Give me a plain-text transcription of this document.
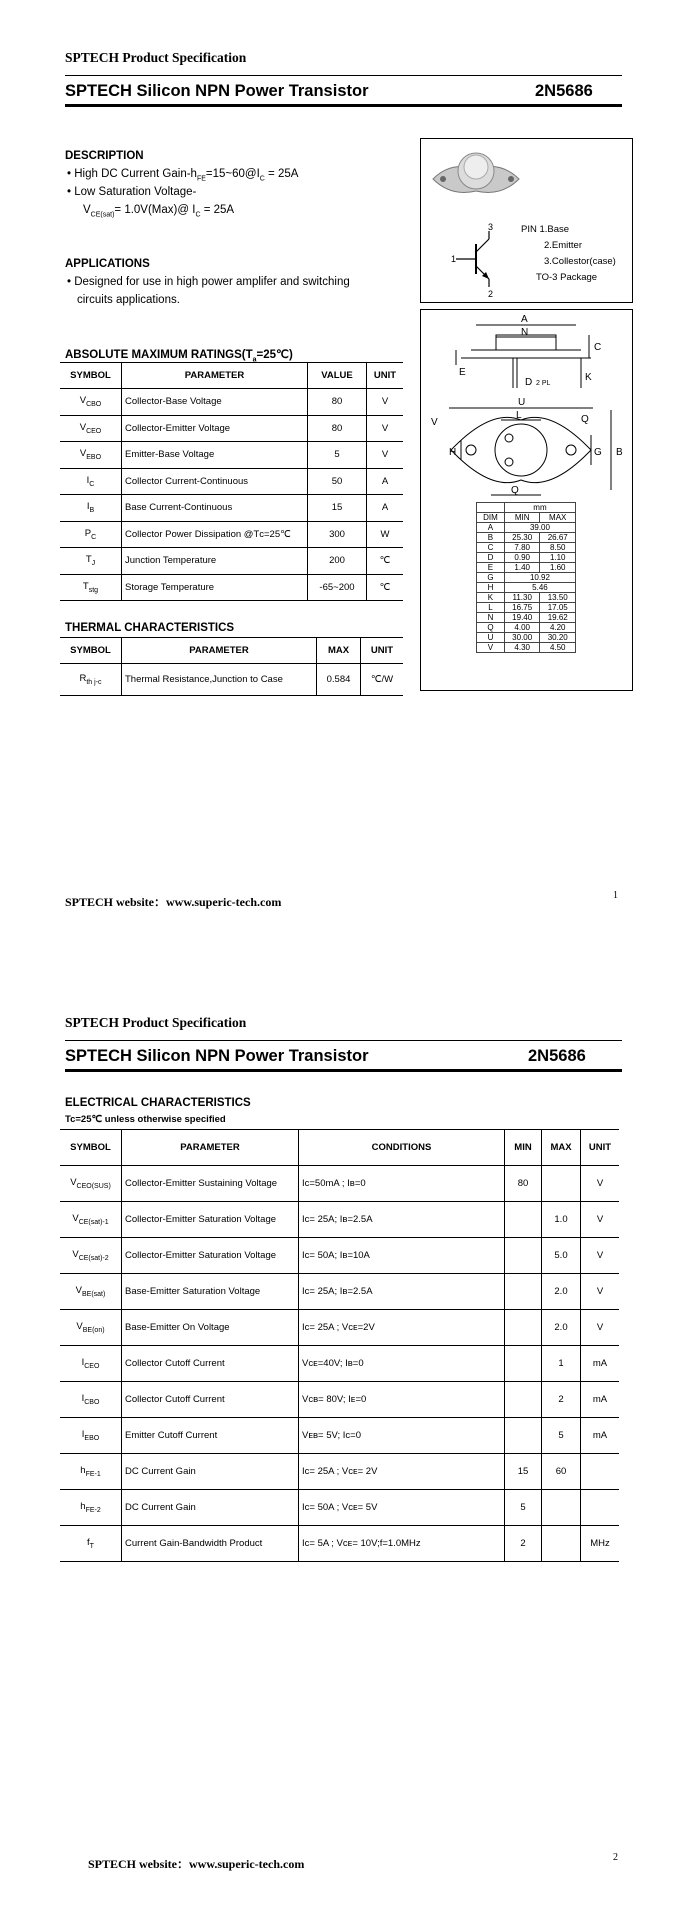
SPTECH Product Specification
SPTECH Silicon NPN Power Transistor	2N5686
DESCRIPTION
• High DC Current Gain-$h_{FE}=15\sim 60@I_C = 25A$
• Low Saturation Voltage-
$V_{CE(sat)}=$ 1.0V(Max)@ $I_C = 25A$
APPLICATIONS
• Designed for use in high power amplifer and switching
circuits applications.
1
2
3	PIN 1.Base
2.Emitter
3.Collestor(case)
TO-3 Package
A
N
C
E	K
D 2 PL
U
L
V	Q
G B
H
Q
	mm	
DIM	MIN	MAX
A	39.00	
B	25.30	26.67
C	7.80	8.50
D	0.90	1.10
E	1.40	1.60
G	10.92	
H	5.46	
K	11.30	13.50
L	16.75	17.05
N	19.40	19.62
Q	4.00	4.20
U	30.00	30.20
V	4.30	4.50
ABSOLUTE MAXIMUM $RATINGS(T_a=25℃)$
SYMBOL	PARAMETER	VALUE	UNIT
$V_{CBO}$	Collector-Base Voltage	80	V
$V_{CEO}$	Collector-Emitter Voltage	80	V
$V_{EBO}$	Emitter-Base Voltage	5	V
$I_C$	Collector Current-Continuous	50	A
$I_B$	Base Current-Continuous	15	A
$P_C$	Collector Power Dissipation @Tᴄ=25℃	300	W
$T_J$	Junction Temperature	200	℃
$T_{stg}$	Storage Temperature	-65~200	℃
THERMAL CHARACTERISTICS
SYMBOL	PARAMETER	MAX	UNIT
$R_{th j-c}$	Thermal Resistance,Junction to Case	0.584	℃/W
SPTECH website：www.superic-tech.com	1
SPTECH Product Specification
SPTECH Silicon NPN Power Transistor	2N5686
ELECTRICAL CHARACTERISTICS
Tc=25℃ unless otherwise specified
SYMBOL	PARAMETER	CONDITIONS	MIN	MAX	UNIT
$V_{CEO(SUS)}$	Collector-Emitter Sustaining Voltage	Iᴄ=50mA ; Iʙ=0	80		V
$V_{CE(sat)-1}$	Collector-Emitter Saturation Voltage	Iᴄ= 25A; Iʙ=2.5A		1.0	V
$V_{CE(sat)-2}$	Collector-Emitter Saturation Voltage	Iᴄ= 50A; Iʙ=10A		5.0	V
$V_{BE(sat)}$	Base-Emitter Saturation Voltage	Iᴄ= 25A; Iʙ=2.5A		2.0	V
$V_{BE(on)}$	Base-Emitter On Voltage	Iᴄ= 25A ; Vᴄᴇ=2V		2.0	V
$I_{CEO}$	Collector Cutoff Current	Vᴄᴇ=40V; Iʙ=0		1	mA
$I_{CBO}$	Collector Cutoff Current	Vᴄʙ= 80V; Iᴇ=0		2	mA
$I_{EBO}$	Emitter Cutoff Current	Vᴇʙ= 5V; Iᴄ=0		5	mA
$h_{FE-1}$	DC Current Gain	Iᴄ= 25A ; Vᴄᴇ= 2V	15	60	
$h_{FE-2}$	DC Current Gain	Iᴄ= 50A ; Vᴄᴇ= 5V	5		
$f_T$	Current Gain-Bandwidth Product	Iᴄ= 5A ; Vᴄᴇ= 10V;f=1.0MHz	2		MHz
SPTECH website：www.superic-tech.com	2
